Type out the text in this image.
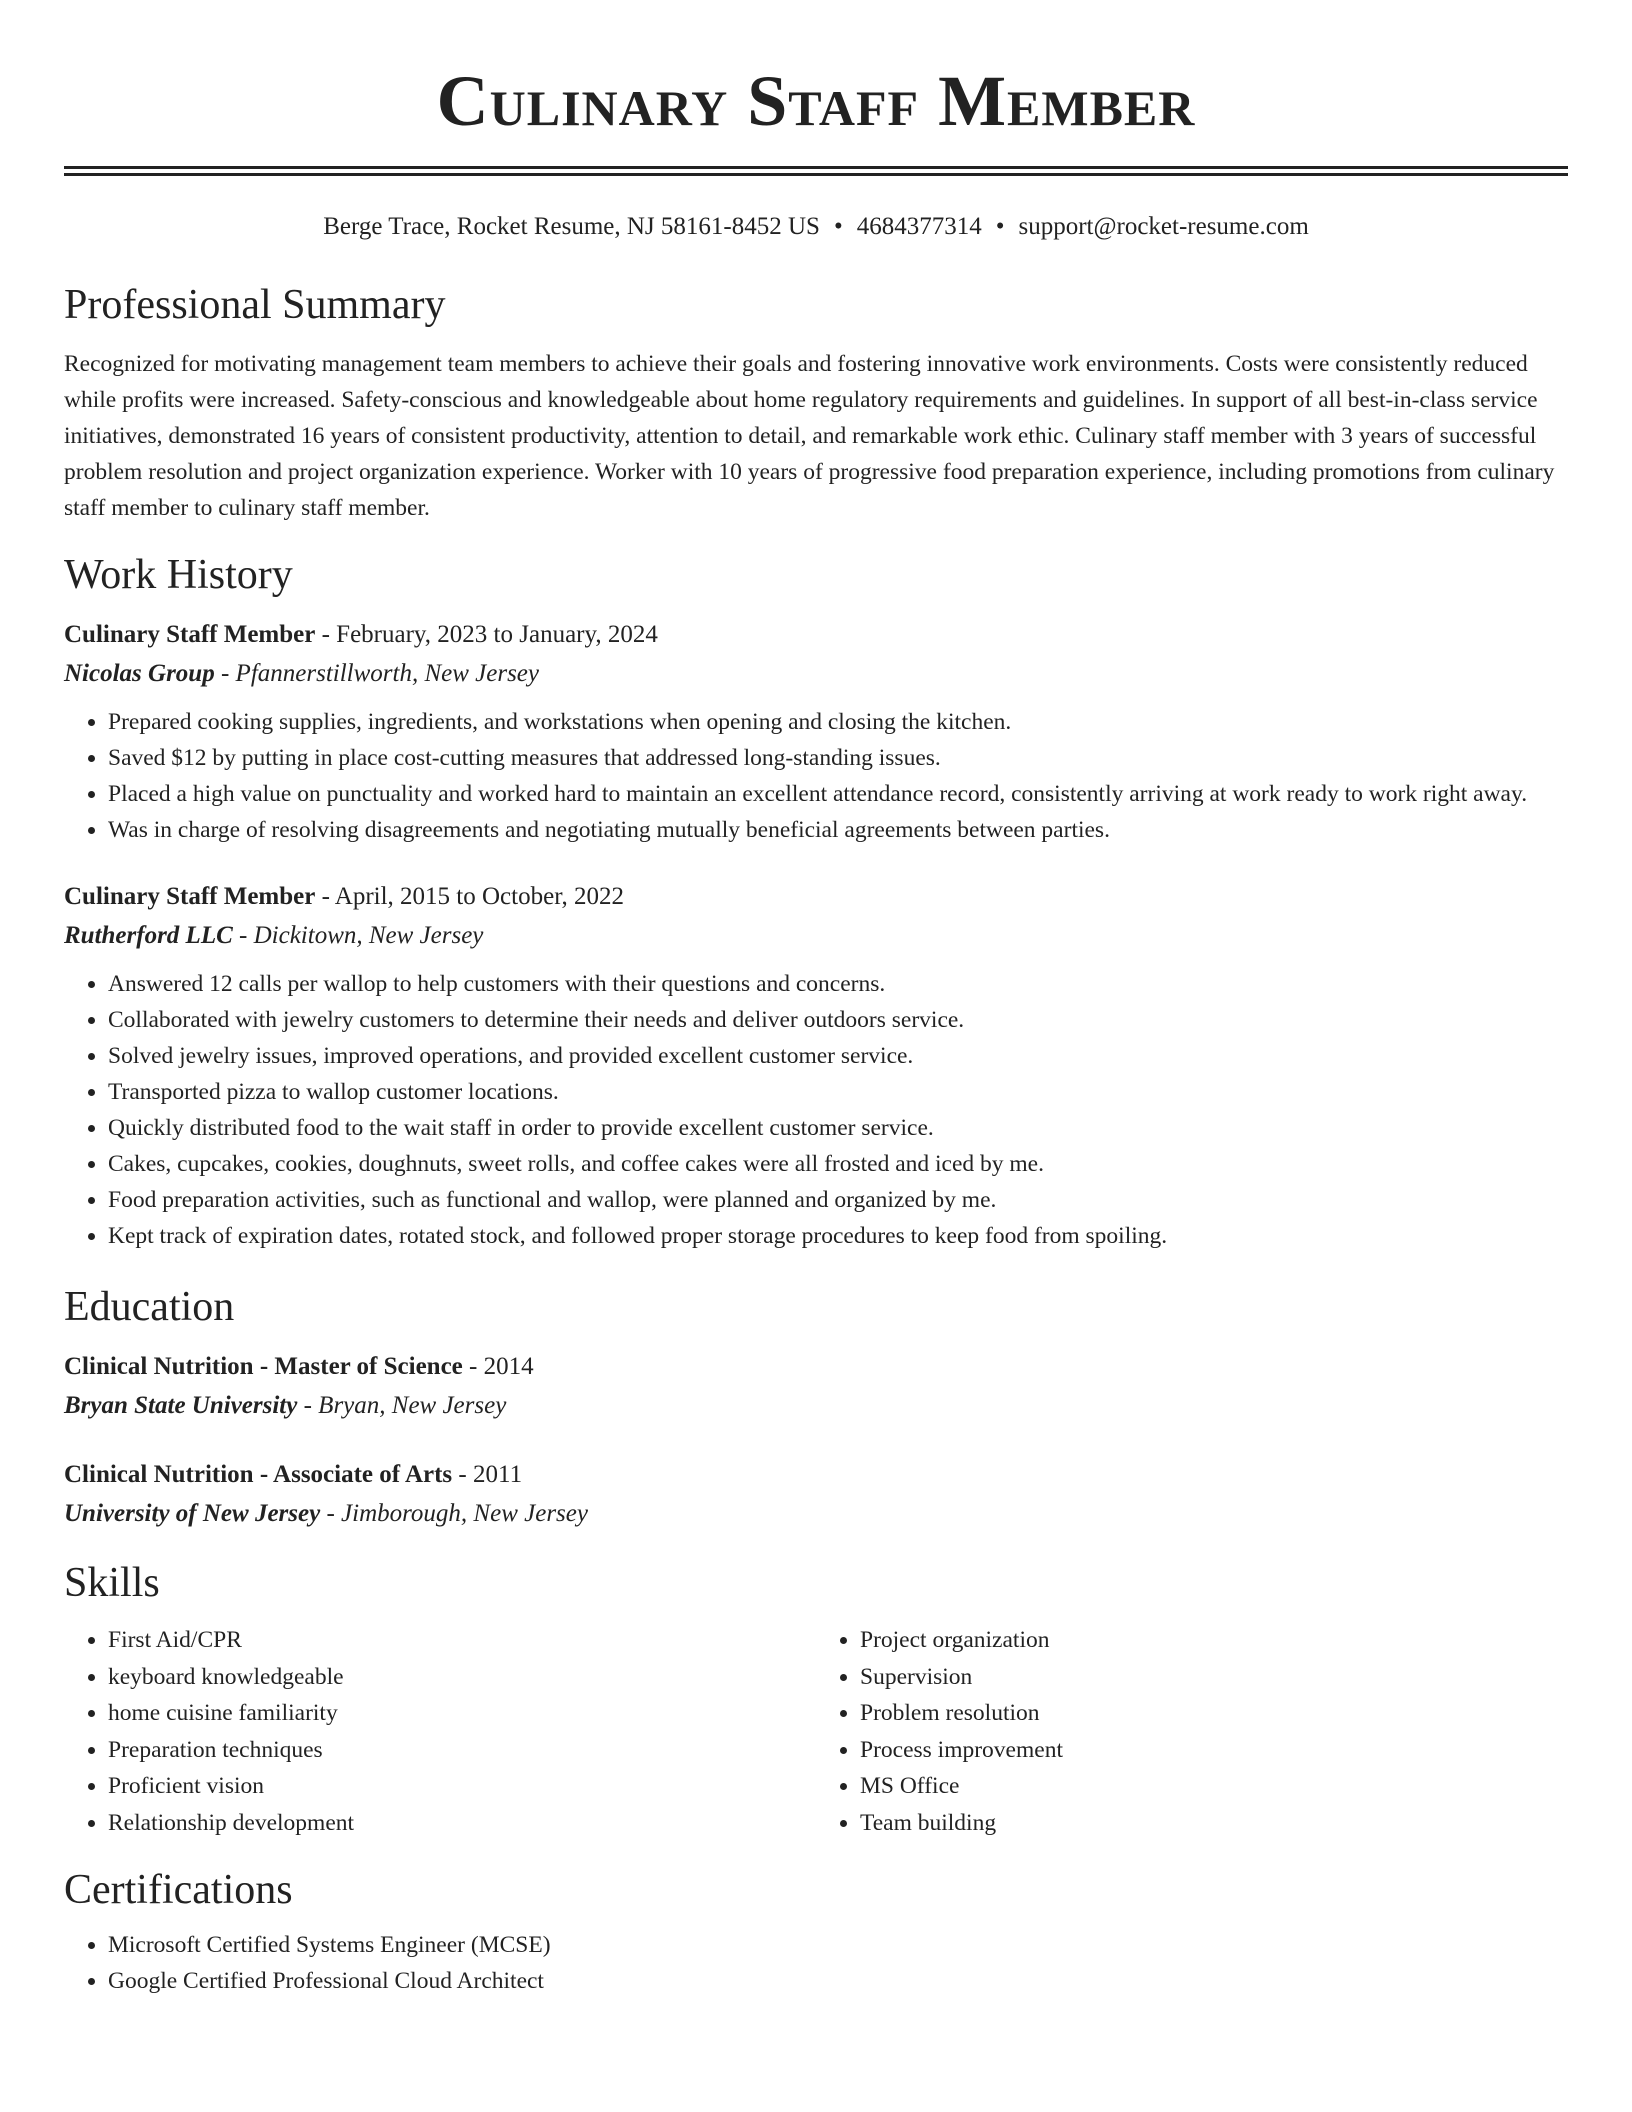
Culinary Staff Member
Berge Trace, Rocket Resume, NJ 58161-8452 US • 4684377314 • support@rocket-resume.com
Professional Summary

Recognized for motivating management team members to achieve their goals and fostering innovative work environments. Costs were consistently reduced while profits were increased. Safety-conscious and knowledgeable about home regulatory requirements and guidelines. In support of all best-in-class service initiatives, demonstrated 16 years of consistent productivity, attention to detail, and remarkable work ethic. Culinary staff member with 3 years of successful problem resolution and project organization experience. Worker with 10 years of progressive food preparation experience, including promotions from culinary staff member to culinary staff member.

Work History
Culinary Staff Member - February, 2023 to January, 2024
Nicolas Group - Pfannerstillworth, New Jersey
• Prepared cooking supplies, ingredients, and workstations when opening and closing the kitchen.
• Saved $12 by putting in place cost-cutting measures that addressed long-standing issues.
• Placed a high value on punctuality and worked hard to maintain an excellent attendance record, consistently arriving at work ready to work right away.
• Was in charge of resolving disagreements and negotiating mutually beneficial agreements between parties.
Culinary Staff Member - April, 2015 to October, 2022
Rutherford LLC - Dickitown, New Jersey
• Answered 12 calls per wallop to help customers with their questions and concerns.
• Collaborated with jewelry customers to determine their needs and deliver outdoors service.
• Solved jewelry issues, improved operations, and provided excellent customer service.
• Transported pizza to wallop customer locations.
• Quickly distributed food to the wait staff in order to provide excellent customer service.
• Cakes, cupcakes, cookies, doughnuts, sweet rolls, and coffee cakes were all frosted and iced by me.
• Food preparation activities, such as functional and wallop, were planned and organized by me.
• Kept track of expiration dates, rotated stock, and followed proper storage procedures to keep food from spoiling.
Education
Clinical Nutrition - Master of Science - 2014
Bryan State University - Bryan, New Jersey
Clinical Nutrition - Associate of Arts - 2011
University of New Jersey - Jimborough, New Jersey
Skills
• First Aid/CPR
• keyboard knowledgeable
• home cuisine familiarity
• Preparation techniques
• Proficient vision
• Relationship development
• Project organization
• Supervision
• Problem resolution
• Process improvement
• MS Office
• Team building
Certifications
• Microsoft Certified Systems Engineer (MCSE)
• Google Certified Professional Cloud Architect
